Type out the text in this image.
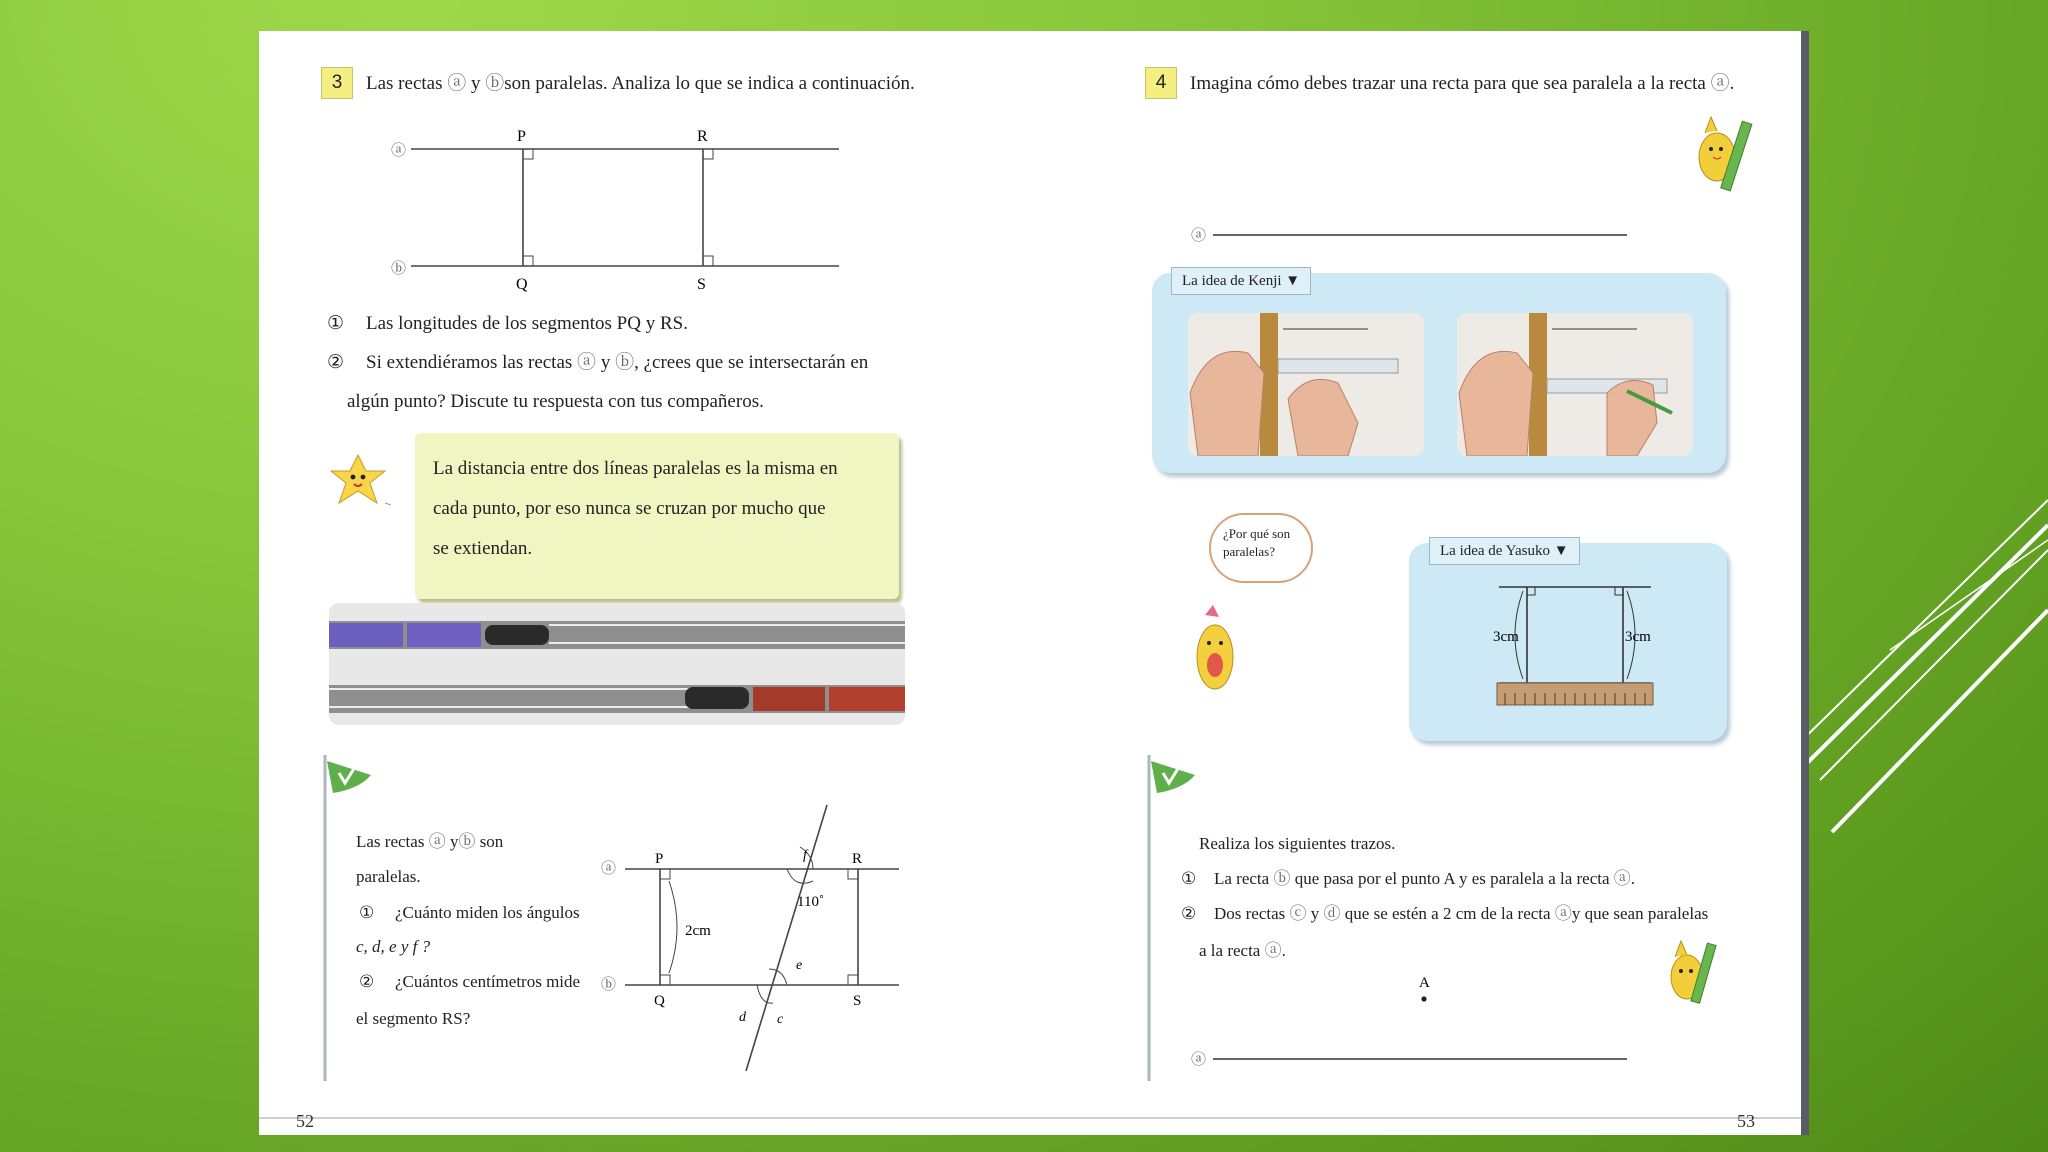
3	Las rectas ⓐ y ⓑson paralelas. Analiza lo que se indica a continuación.
ⓐ
ⓑ
P	R
Q	S
① Las longitudes de los segmentos PQ y RS.
② Si extendiéramos las rectas ⓐ y ⓑ, ¿crees que se intersectarán en
algún punto? Discute tu respuesta con tus compañeros.
La distancia entre dos líneas paralelas es la misma en
cada punto, por eso nunca se cruzan por mucho que
se extiendan.
Las rectas ⓐ yⓑ son
paralelas.
① ¿Cuánto miden los ángulos
c, d, e y f ?
② ¿Cuántos centímetros mide
el segmento RS?
ⓐ
ⓑ
P	R
Q	S
f
e
d c
110˚
2cm
52
4	Imagina cómo debes trazar una recta para que sea paralela a la recta ⓐ.
ⓐ
La idea de Kenji ▼
¿Por qué son paralelas?	La idea de Yasuko ▼
3cm	3cm
Realiza los siguientes trazos.
① La recta ⓑ que pasa por el punto A y es paralela a la recta ⓐ.
② Dos rectas ⓒ y ⓓ que se estén a 2 cm de la recta ⓐy que sean paralelas
a la recta ⓐ.
A
ⓐ
53
